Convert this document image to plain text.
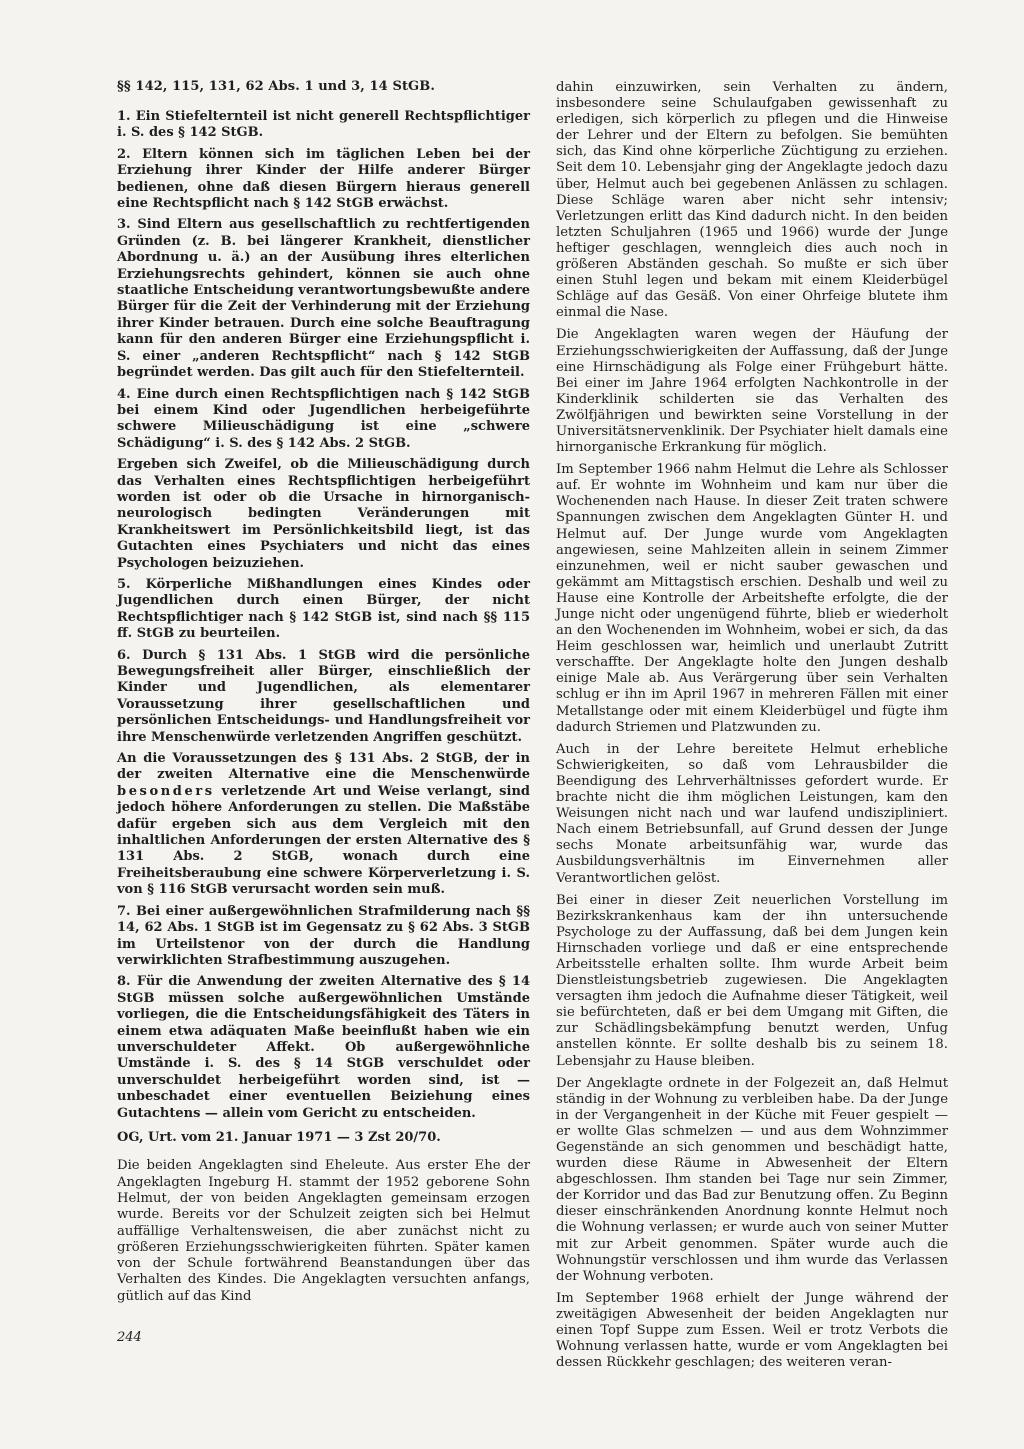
§§ 142, 115, 131, 62 Abs. 1 und 3, 14 StGB.

1. Ein Stiefelternteil ist nicht generell Rechtspflichtiger i. S. des § 142 StGB.

2. Eltern können sich im täglichen Leben bei der Erziehung ihrer Kinder der Hilfe anderer Bürger bedienen, ohne daß diesen Bürgern hieraus generell eine Rechtspflicht nach § 142 StGB erwächst.

3. Sind Eltern aus gesellschaftlich zu rechtfertigenden Gründen (z. B. bei längerer Krankheit, dienstlicher Abordnung u. ä.) an der Ausübung ihres elterlichen Erziehungsrechts gehindert, können sie auch ohne staatliche Entscheidung verantwortungsbewußte andere Bürger für die Zeit der Verhinderung mit der Erziehung ihrer Kinder betrauen. Durch eine solche Beauftragung kann für den anderen Bürger eine Erziehungspflicht i. S. einer „anderen Rechtspflicht“ nach § 142 StGB begründet werden. Das gilt auch für den Stiefelternteil.

4. Eine durch einen Rechtspflichtigen nach § 142 StGB bei einem Kind oder Jugendlichen herbeigeführte schwere Milieuschädigung ist eine „schwere Schädigung“ i. S. des § 142 Abs. 2 StGB.

Ergeben sich Zweifel, ob die Milieuschädigung durch das Verhalten eines Rechtspflichtigen herbeigeführt worden ist oder ob die Ursache in hirnorganisch-neurologisch bedingten Veränderungen mit Krankheitswert im Persönlichkeitsbild liegt, ist das Gutachten eines Psychiaters und nicht das eines Psychologen beizuziehen.

5. Körperliche Mißhandlungen eines Kindes oder Jugendlichen durch einen Bürger, der nicht Rechtspflichtiger nach § 142 StGB ist, sind nach §§ 115 ff. StGB zu beurteilen.

6. Durch § 131 Abs. 1 StGB wird die persönliche Bewegungsfreiheit aller Bürger, einschließlich der Kinder und Jugendlichen, als elementarer Voraussetzung ihrer gesellschaftlichen und persönlichen Entscheidungs- und Handlungsfreiheit vor ihre Menschenwürde verletzenden Angriffen geschützt.

An die Voraussetzungen des § 131 Abs. 2 StGB, der in der zweiten Alternative eine die Menschenwürde besonders verletzende Art und Weise verlangt, sind jedoch höhere Anforderungen zu stellen. Die Maßstäbe dafür ergeben sich aus dem Vergleich mit den inhaltlichen Anforderungen der ersten Alternative des § 131 Abs. 2 StGB, wonach durch eine Freiheitsberaubung eine schwere Körperverletzung i. S. von § 116 StGB verursacht worden sein muß.

7. Bei einer außergewöhnlichen Strafmilderung nach §§ 14, 62 Abs. 1 StGB ist im Gegensatz zu § 62 Abs. 3 StGB im Urteilstenor von der durch die Handlung verwirklichten Strafbestimmung auszugehen.

8. Für die Anwendung der zweiten Alternative des § 14 StGB müssen solche außergewöhnlichen Umstände vorliegen, die die Entscheidungsfähigkeit des Täters in einem etwa adäquaten Maße beeinflußt haben wie ein unverschuldeter Affekt. Ob außergewöhnliche Umstände i. S. des § 14 StGB verschuldet oder unverschuldet herbeigeführt worden sind, ist — unbeschadet einer eventuellen Beiziehung eines Gutachtens — allein vom Gericht zu entscheiden.

OG, Urt. vom 21. Januar 1971 — 3 Zst 20/70.

Die beiden Angeklagten sind Eheleute. Aus erster Ehe der Angeklagten Ingeburg H. stammt der 1952 geborene Sohn Helmut, der von beiden Angeklagten gemeinsam erzogen wurde. Bereits vor der Schulzeit zeigten sich bei Helmut auffällige Verhaltensweisen, die aber zunächst nicht zu größeren Erziehungsschwierigkeiten führten. Später kamen von der Schule fortwährend Beanstandungen über das Verhalten des Kindes. Die Angeklagten versuchten anfangs, gütlich auf das Kind

dahin einzuwirken, sein Verhalten zu ändern, insbesondere seine Schulaufgaben gewissenhaft zu erledigen, sich körperlich zu pflegen und die Hinweise der Lehrer und der Eltern zu befolgen. Sie bemühten sich, das Kind ohne körperliche Züchtigung zu erziehen. Seit dem 10. Lebensjahr ging der Angeklagte jedoch dazu über, Helmut auch bei gegebenen Anlässen zu schlagen. Diese Schläge waren aber nicht sehr intensiv; Verletzungen erlitt das Kind dadurch nicht. In den beiden letzten Schuljahren (1965 und 1966) wurde der Junge heftiger geschlagen, wenngleich dies auch noch in größeren Abständen geschah. So mußte er sich über einen Stuhl legen und bekam mit einem Kleiderbügel Schläge auf das Gesäß. Von einer Ohrfeige blutete ihm einmal die Nase.

Die Angeklagten waren wegen der Häufung der Erziehungsschwierigkeiten der Auffassung, daß der Junge eine Hirnschädigung als Folge einer Frühgeburt hätte. Bei einer im Jahre 1964 erfolgten Nachkontrolle in der Kinderklinik schilderten sie das Verhalten des Zwölfjährigen und bewirkten seine Vorstellung in der Universitätsnervenklinik. Der Psychiater hielt damals eine hirnorganische Erkrankung für möglich.

Im September 1966 nahm Helmut die Lehre als Schlosser auf. Er wohnte im Wohnheim und kam nur über die Wochenenden nach Hause. In dieser Zeit traten schwere Spannungen zwischen dem Angeklagten Günter H. und Helmut auf. Der Junge wurde vom Angeklagten angewiesen, seine Mahlzeiten allein in seinem Zimmer einzunehmen, weil er nicht sauber gewaschen und gekämmt am Mittagstisch erschien. Deshalb und weil zu Hause eine Kontrolle der Arbeitshefte erfolgte, die der Junge nicht oder ungenügend führte, blieb er wiederholt an den Wochenenden im Wohnheim, wobei er sich, da das Heim geschlossen war, heimlich und unerlaubt Zutritt verschaffte. Der Angeklagte holte den Jungen deshalb einige Male ab. Aus Verärgerung über sein Verhalten schlug er ihn im April 1967 in mehreren Fällen mit einer Metallstange oder mit einem Kleiderbügel und fügte ihm dadurch Striemen und Platzwunden zu.

Auch in der Lehre bereitete Helmut erhebliche Schwierigkeiten, so daß vom Lehrausbilder die Beendigung des Lehrverhältnisses gefordert wurde. Er brachte nicht die ihm möglichen Leistungen, kam den Weisungen nicht nach und war laufend undiszipliniert. Nach einem Betriebsunfall, auf Grund dessen der Junge sechs Monate arbeitsunfähig war, wurde das Ausbildungsverhältnis im Einvernehmen aller Verantwortlichen gelöst.

Bei einer in dieser Zeit neuerlichen Vorstellung im Bezirkskrankenhaus kam der ihn untersuchende Psychologe zu der Auffassung, daß bei dem Jungen kein Hirnschaden vorliege und daß er eine entsprechende Arbeitsstelle erhalten sollte. Ihm wurde Arbeit beim Dienstleistungsbetrieb zugewiesen. Die Angeklagten versagten ihm jedoch die Aufnahme dieser Tätigkeit, weil sie befürchteten, daß er bei dem Umgang mit Giften, die zur Schädlingsbekämpfung benutzt werden, Unfug anstellen könnte. Er sollte deshalb bis zu seinem 18. Lebensjahr zu Hause bleiben.

Der Angeklagte ordnete in der Folgezeit an, daß Helmut ständig in der Wohnung zu verbleiben habe. Da der Junge in der Vergangenheit in der Küche mit Feuer gespielt — er wollte Glas schmelzen — und aus dem Wohnzimmer Gegenstände an sich genommen und beschädigt hatte, wurden diese Räume in Abwesenheit der Eltern abgeschlossen. Ihm standen bei Tage nur sein Zimmer, der Korridor und das Bad zur Benutzung offen. Zu Beginn dieser einschränkenden Anordnung konnte Helmut noch die Wohnung verlassen; er wurde auch von seiner Mutter mit zur Arbeit genommen. Später wurde auch die Wohnungstür verschlossen und ihm wurde das Verlassen der Wohnung verboten.

Im September 1968 erhielt der Junge während der zweitägigen Abwesenheit der beiden Angeklagten nur einen Topf Suppe zum Essen. Weil er trotz Verbots die Wohnung verlassen hatte, wurde er vom Angeklagten bei dessen Rückkehr geschlagen; des weiteren veran-

244
